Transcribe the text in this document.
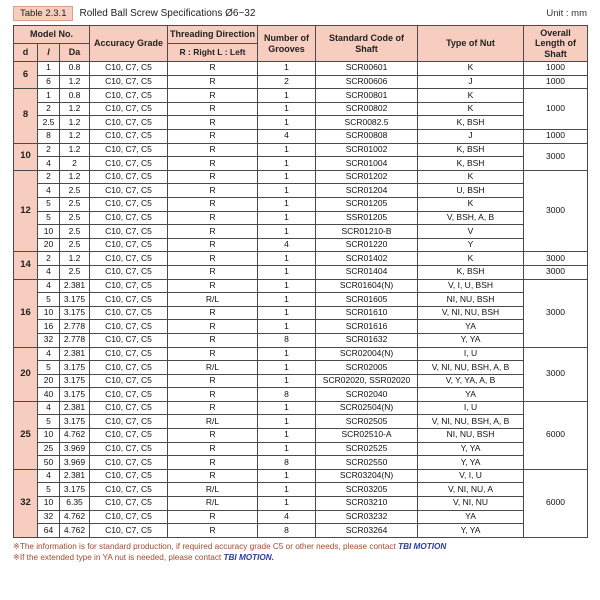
Table 2.3.1	Rolled Ball Screw Specifications Ø6~32	Unit : mm
Model No.			Accuracy Grade	Threading Direction	Number of Grooves	Standard Code of Shaft	Type of Nut	Overall Length of Shaft
d	l	Da		R : Right L : Left				
6	1	0.8	C10, C7, C5	R	1	SCR00601	K	1000
	6	1.2	C10, C7, C5	R	2	SCR00606	J	1000
8	1	0.8	C10, C7, C5	R	1	SCR00801	K	1000
	2	1.2	C10, C7, C5	R	1	SCR00802	K	
	2.5	1.2	C10, C7, C5	R	1	SCR0082.5	K, BSH	
	8	1.2	C10, C7, C5	R	4	SCR00808	J	1000
10	2	1.2	C10, C7, C5	R	1	SCR01002	K, BSH	3000
	4	2	C10, C7, C5	R	1	SCR01004	K, BSH	
12	2	1.2	C10, C7, C5	R	1	SCR01202	K	3000
	4	2.5	C10, C7, C5	R	1	SCR01204	U, BSH	
	5	2.5	C10, C7, C5	R	1	SCR01205	K	
	5	2.5	C10, C7, C5	R	1	SSR01205	V, BSH, A, B	
	10	2.5	C10, C7, C5	R	1	SCR01210-B	V	
	20	2.5	C10, C7, C5	R	4	SCR01220	Y	
14	2	1.2	C10, C7, C5	R	1	SCR01402	K	3000
	4	2.5	C10, C7, C5	R	1	SCR01404	K, BSH	3000
16	4	2.381	C10, C7, C5	R	1	SCR01604(N)	V, I, U, BSH	3000
	5	3.175	C10, C7, C5	R/L	1	SCR01605	NI, NU, BSH	
	10	3.175	C10, C7, C5	R	1	SCR01610	V, NI, NU, BSH	
	16	2.778	C10, C7, C5	R	1	SCR01616	YA	
	32	2.778	C10, C7, C5	R	8	SCR01632	Y, YA	
20	4	2.381	C10, C7, C5	R	1	SCR02004(N)	I, U	3000
	5	3.175	C10, C7, C5	R/L	1	SCR02005	V, NI, NU, BSH, A, B	
	20	3.175	C10, C7, C5	R	1	SCR02020, SSR02020	V, Y, YA, A, B	
	40	3.175	C10, C7, C5	R	8	SCR02040	YA	
25	4	2.381	C10, C7, C5	R	1	SCR02504(N)	I, U	6000
	5	3.175	C10, C7, C5	R/L	1	SCR02505	V, NI, NU, BSH, A, B	
	10	4.762	C10, C7, C5	R	1	SCR02510-A	NI, NU, BSH	
	25	3.969	C10, C7, C5	R	1	SCR02525	Y, YA	
	50	3.969	C10, C7, C5	R	8	SCR02550	Y, YA	
32	4	2.381	C10, C7, C5	R	1	SCR03204(N)	V, I, U	6000
	5	3.175	C10, C7, C5	R/L	1	SCR03205	V, NI, NU, A	
	10	6.35	C10, C7, C5	R/L	1	SCR03210	V, NI, NU	
	32	4.762	C10, C7, C5	R	4	SCR03232	YA	
	64	4.762	C10, C7, C5	R	8	SCR03264	Y, YA	
※The information is for standard production, if required accuracy grade C5 or other needs, please contact TBI MOTION
※If the extended type in YA nut is needed, please contact TBI MOTION.
